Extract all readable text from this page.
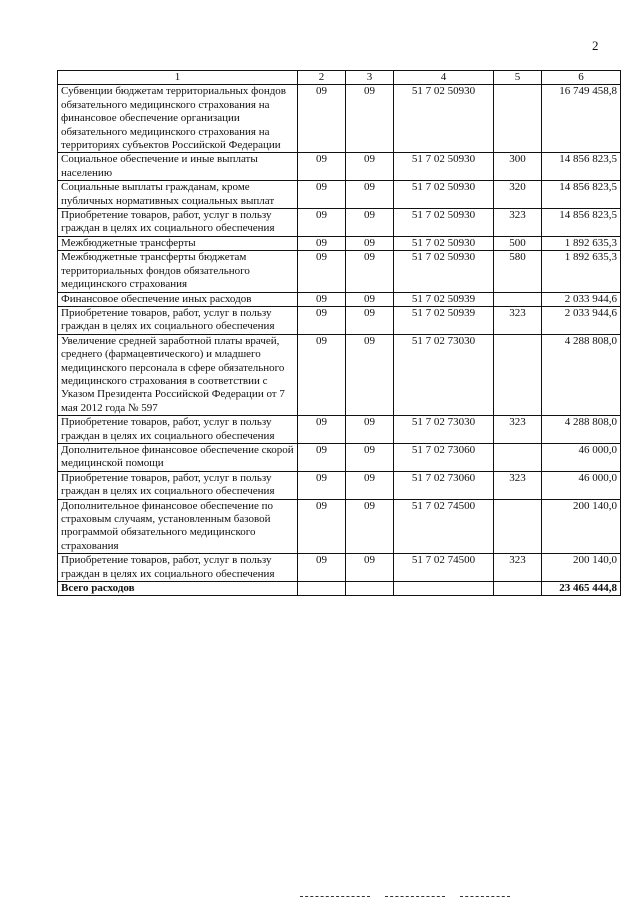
2
1	2	3	4	5	6
Субвенции бюджетам территориальных фондов обязательного медицинского страхования на финансовое обеспечение организации обязательного медицинского страхования на территориях субъектов Российской Федерации	09	09	51 7 02 50930		16 749 458,8
Социальное обеспечение и иные выплаты населению	09	09	51 7 02 50930	300	14 856 823,5
Социальные выплаты гражданам, кроме публичных нормативных социальных выплат	09	09	51 7 02 50930	320	14 856 823,5
Приобретение товаров, работ, услуг в пользу граждан в целях их социального обеспечения	09	09	51 7 02 50930	323	14 856 823,5
Межбюджетные трансферты	09	09	51 7 02 50930	500	1 892 635,3
Межбюджетные трансферты бюджетам территориальных фондов обязательного медицинского страхования	09	09	51 7 02 50930	580	1 892 635,3
Финансовое обеспечение иных расходов	09	09	51 7 02 50939		2 033 944,6
Приобретение товаров, работ, услуг в пользу граждан в целях их социального обеспечения	09	09	51 7 02 50939	323	2 033 944,6
Увеличение средней заработной платы врачей, среднего (фармацевтического) и младшего медицинского персонала в сфере обязательного медицинского страхования в соответствии с Указом Президента Российской Федерации от 7 мая 2012 года № 597	09	09	51 7 02 73030		4 288 808,0
Приобретение товаров, работ, услуг в пользу граждан в целях их социального обеспечения	09	09	51 7 02 73030	323	4 288 808,0
Дополнительное финансовое обеспечение скорой медицинской помощи	09	09	51 7 02 73060		46 000,0
Приобретение товаров, работ, услуг в пользу граждан в целях их социального обеспечения	09	09	51 7 02 73060	323	46 000,0
Дополнительное финансовое обеспечение по страховым случаям, установленным базовой программой обязательного медицинского страхования	09	09	51 7 02 74500		200 140,0
Приобретение товаров, работ, услуг в пользу граждан в целях их социального обеспечения	09	09	51 7 02 74500	323	200 140,0
Всего расходов					23 465 444,8
